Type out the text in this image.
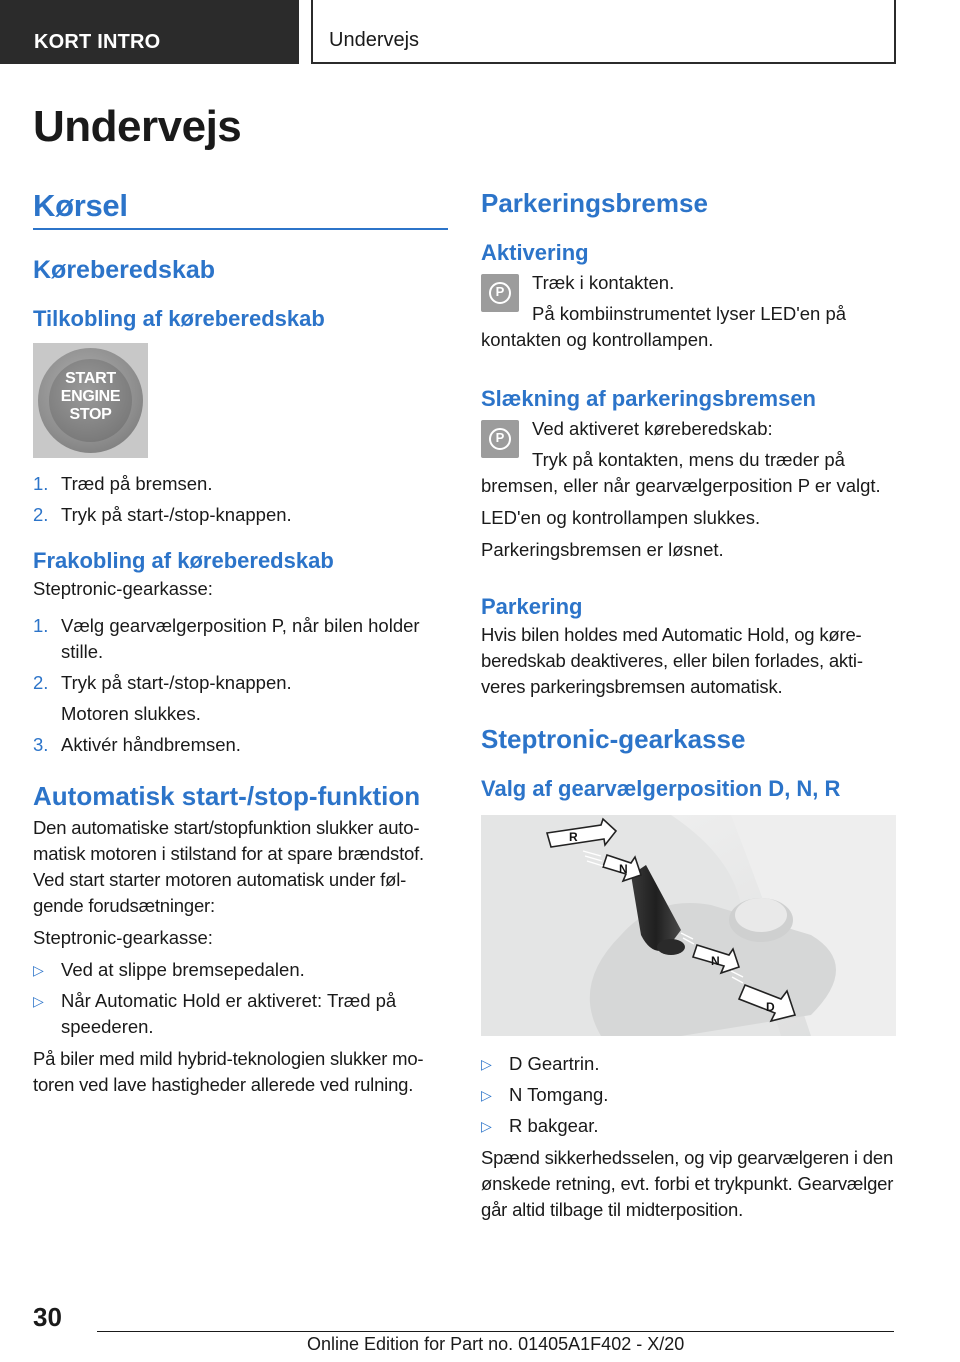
KORT INTRO	Undervejs
Undervejs
Kørsel
Køreberedskab
Tilkobling af køreberedskab
START
ENGINE
STOP
1. Træd på bremsen.
2. Tryk på start-/stop-knappen.
Frakobling af køreberedskab

Steptronic-gearkasse:

1. Vælg gearvælgerposition P, når bilen holder stille.
2. Tryk på start-/stop-knappen.

Motoren slukkes.

3. Aktivér håndbremsen.
Automatisk start-/stop-funktion

Den automatiske start/stopfunktion slukker auto-matisk motoren i stilstand for at spare brændstof. Ved start starter motoren automatisk under føl-gende forudsætninger:

Steptronic-gearkasse:

▷ Ved at slippe bremsepedalen.
▷ Når Automatic Hold er aktiveret: Træd på speederen.

På biler med mild hybrid-teknologien slukker mo-toren ved lave hastigheder allerede ved rulning.

Parkeringsbremse
Aktivering
P	Træk i kontakten.

På kombiinstrumentet lyser LED'en på kontakten og kontrollampen.

Slækning af parkeringsbremsen
P	Ved aktiveret køreberedskab:

Tryk på kontakten, mens du træder på bremsen, eller når gearvælgerposition P er valgt.

LED'en og kontrollampen slukkes.

Parkeringsbremsen er løsnet.

Parkering

Hvis bilen holdes med Automatic Hold, og køre-beredskab deaktiveres, eller bilen forlades, akti-veres parkeringsbremsen automatisk.

Steptronic-gearkasse
Valg af gearvælgerposition D, N, R
R
N
N
D
▷ D Geartrin.
▷ N Tomgang.
▷ R bakgear.

Spænd sikkerhedsselen, og vip gearvælgeren i den ønskede retning, evt. forbi et trykpunkt. Gearvælger går altid tilbage til midterposition.

30
Online Edition for Part no. 01405A1F402 - X/20
